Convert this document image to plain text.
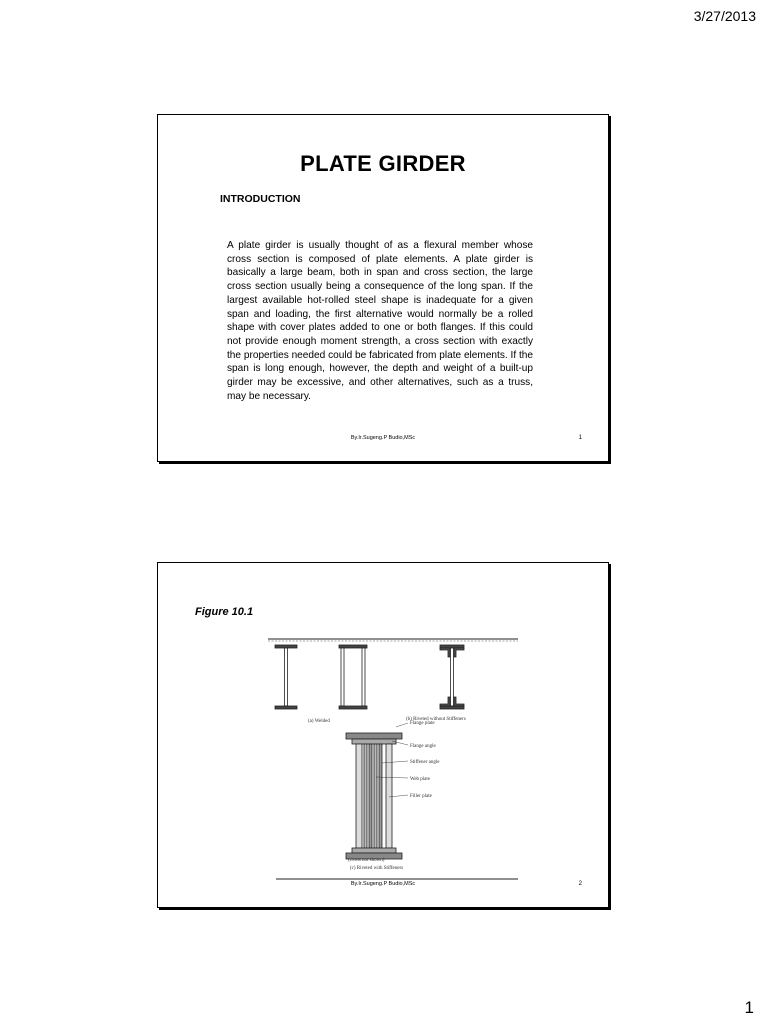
3/27/2013
PLATE GIRDER
INTRODUCTION
A plate girder is usually thought of as a flexural member whose cross section is composed of plate elements. A plate girder is basically a large beam, both in span and cross section, the large cross section usually being a consequence of the long span. If the largest available hot-rolled steel shape is inadequate for a given span and loading, the first alternative would normally be a rolled shape with cover plates added to one or both flanges. If this could not provide enough moment strength, a cross section with exactly the properties needed could be fabricated from plate elements. If the span is long enough, however, the depth and weight of a built-up girder may be excessive, and other alternatives, such as a truss, may be necessary.
By.Ir.Sugeng.P Budio,MSc	1
Figure 10.1
(a) Welded	(b) Riveted without Stiffeners
Flange plate
Flange angle
Stiffener angle
Web plate
Filler plate
(rivets not shown)
(c) Riveted with Stiffeners
By.Ir.Sugeng.P Budio,MSc	2
1
